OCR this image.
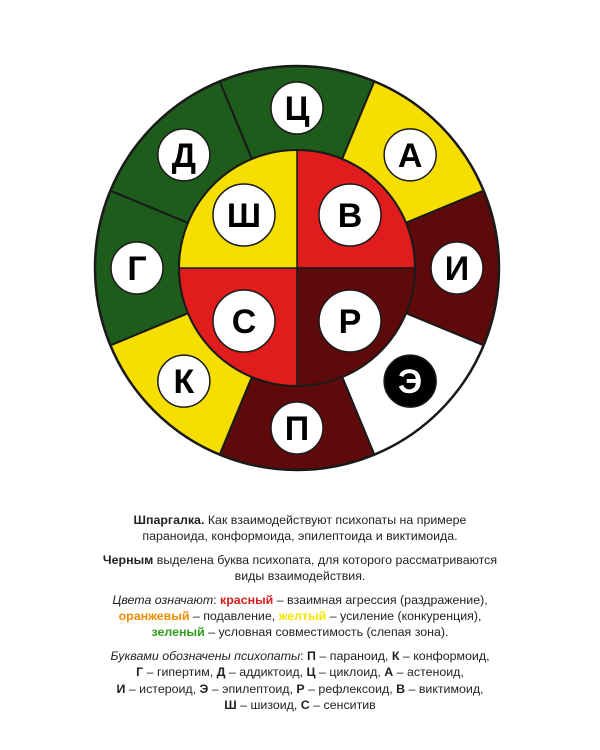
Ц
А
И
Э
П
К
Г
Д
В
Р
С
Ш

Шпаргалка. Как взаимодействуют психопаты на примере параноида, конформоида, эпилептоида и виктимоида.

Черным выделена буква психопата, для которого рассматриваются виды взаимодействия.

Цвета означают: красный – взаимная агрессия (раздражение),
оранжевый – подавление, желтый – усиление (конкуренция),
зеленый – условная совместимость (слепая зона).

Буквами обозначены психопаты: П – параноид, К – конформоид,
Г – гипертим, Д – аддиктоид, Ц – циклоид, А – астеноид,
И – истероид, Э – эпилептоид, Р – рефлексоид, В – виктимоид,
Ш – шизоид, С – сенситив
